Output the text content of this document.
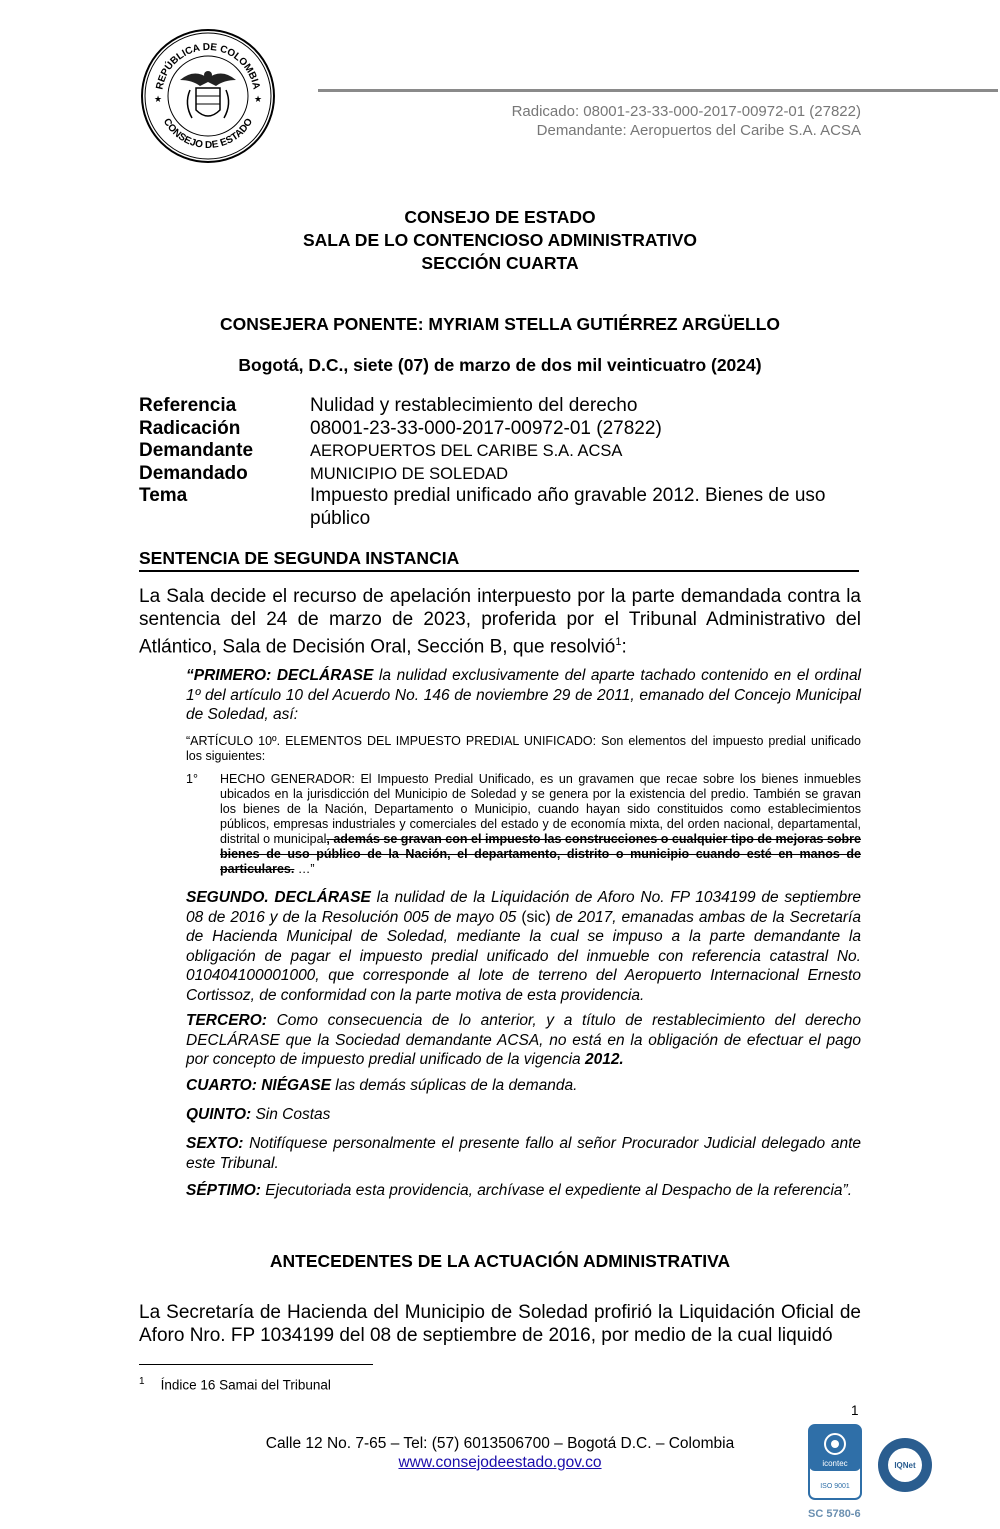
REPÚBLICA DE COLOMBIA
CONSEJO DE ESTADO
★	★
Radicado: 08001-23-33-000-2017-00972-01 (27822)
Demandante: Aeropuertos del Caribe S.A. ACSA
CONSEJO DE ESTADO
SALA DE LO CONTENCIOSO ADMINISTRATIVO
SECCIÓN CUARTA
CONSEJERA PONENTE: MYRIAM STELLA GUTIÉRREZ ARGÜELLO
Bogotá, D.C., siete (07) de marzo de dos mil veinticuatro (2024)
Referencia	Nulidad y restablecimiento del derecho
Radicación	08001-23-33-000-2017-00972-01 (27822)
Demandante	AEROPUERTOS DEL CARIBE S.A. ACSA
Demandado	MUNICIPIO DE SOLEDAD
Tema	Impuesto predial unificado año gravable 2012. Bienes de uso público
SENTENCIA DE SEGUNDA INSTANCIA
La Sala decide el recurso de apelación interpuesto por la parte demandada contra la sentencia del 24 de marzo de 2023, proferida por el Tribunal Administrativo del Atlántico, Sala de Decisión Oral, Sección B, que resolvió$^1$:
“PRIMERO: DECLÁRASE la nulidad exclusivamente del aparte tachado contenido en el ordinal 1º del artículo 10 del Acuerdo No. 146 de noviembre 29 de 2011, emanado del Concejo Municipal de Soledad, así:
“ARTÍCULO 10º. ELEMENTOS DEL IMPUESTO PREDIAL UNIFICADO: Son elementos del impuesto predial unificado los siguientes:
1° HECHO GENERADOR: El Impuesto Predial Unificado, es un gravamen que recae sobre los bienes inmuebles ubicados en la jurisdicción del Municipio de Soledad y se genera por la existencia del predio. También se gravan los bienes de la Nación, Departamento o Municipio, cuando hayan sido constituidos como establecimientos públicos, empresas industriales y comerciales del estado y de economía mixta, del orden nacional, departamental, distrital o municipal, además se gravan con el impuesto las construcciones o cualquier tipo de mejoras sobre bienes de uso público de la Nación, el departamento, distrito o municipio cuando esté en manos de particulares. …”
SEGUNDO. DECLÁRASE la nulidad de la Liquidación de Aforo No. FP 1034199 de septiembre 08 de 2016 y de la Resolución 005 de mayo 05 (sic) de 2017, emanadas ambas de la Secretaría de Hacienda Municipal de Soledad, mediante la cual se impuso a la parte demandante la obligación de pagar el impuesto predial unificado del inmueble con referencia catastral No. 010404100001000, que corresponde al lote de terreno del Aeropuerto Internacional Ernesto Cortissoz, de conformidad con la parte motiva de esta providencia.
TERCERO: Como consecuencia de lo anterior, y a título de restablecimiento del derecho DECLÁRASE que la Sociedad demandante ACSA, no está en la obligación de efectuar el pago por concepto de impuesto predial unificado de la vigencia 2012.
CUARTO: NIÉGASE las demás súplicas de la demanda.
QUINTO: Sin Costas
SEXTO: Notifíquese personalmente el presente fallo al señor Procurador Judicial delegado ante este Tribunal.
SÉPTIMO: Ejecutoriada esta providencia, archívase el expediente al Despacho de la referencia”.
ANTECEDENTES DE LA ACTUACIÓN ADMINISTRATIVA
La Secretaría de Hacienda del Municipio de Soledad profirió la Liquidación Oficial de Aforo Nro. FP 1034199 del 08 de septiembre de 2016, por medio de la cual liquidó
$^1$ Índice 16 Samai del Tribunal
1
Calle 12 No. 7-65 – Tel: (57) 6013506700 – Bogotá D.C. – Colombia
www.consejodeestado.gov.co	icontec
ISO 9001
IQNet
SC 5780-6
